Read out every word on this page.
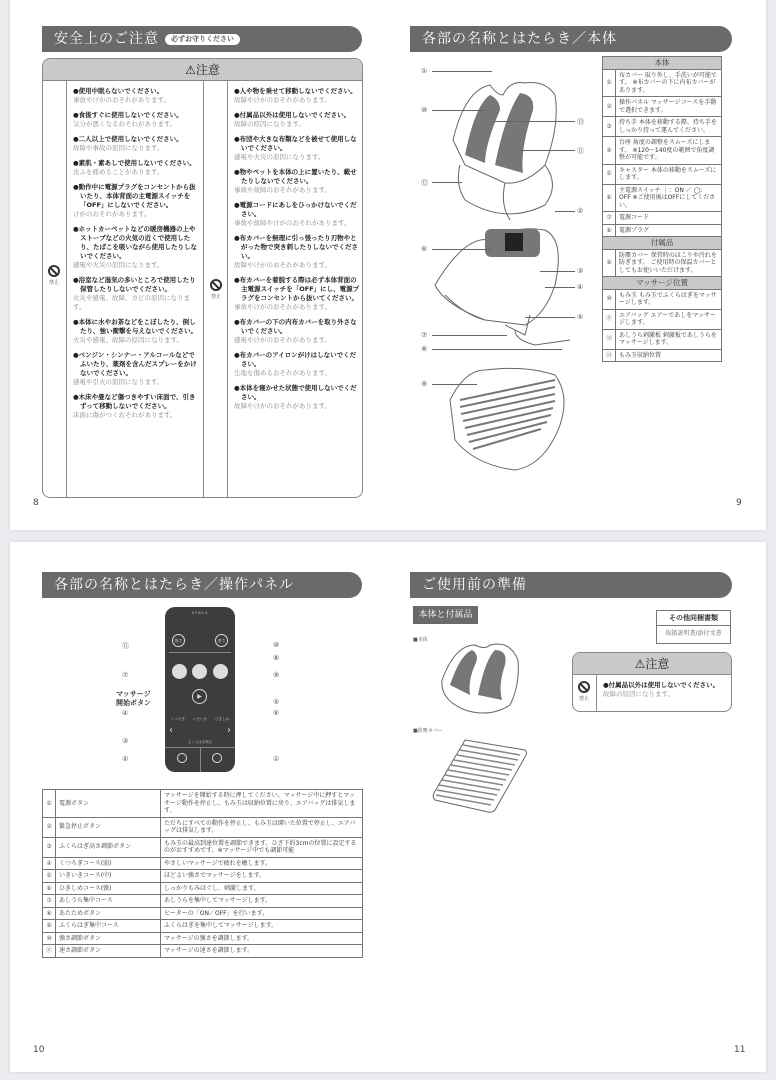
安全上のご注意 必ずお守りください
⚠注意
禁止
禁止
●使用中眠らないでください。
事故やけがのおそれがあります。
●食後すぐに使用しないでください。
気分が悪くなるおそれがあります。
●二人以上で使用しないでください。
故障や事故の原因になります。
●素肌・素あしで使用しないでください。
皮ふを痛めることがあります。
●動作中に電源プラグをコンセントから抜いたり、本体背面の主電源スイッチを「OFF」にしないでください。
けがのおそれがあります。
●ホットカーペットなどの暖房機器の上やストーブなどの火気の近くで使用したり、たばこを吸いながら使用したりしないでください。
感電や火災の原因になります。
●浴室など湿気の多いところで使用したり保管したりしないでください。
火災や感電、故障、カビの原因になります。
●本体に水やお茶などをこぼしたり、倒したり、強い衝撃を与えないでください。
火災や感電、故障の原因になります。
●ベンジン・シンナー・アルコールなどでふいたり、薬剤を含んだスプレーをかけないでください。
感電や引火の原因になります。
●木床や畳など傷つきやすい床面で、引きずって移動しないでください。
床面に傷がつくおそれがあります。
●人や物を乗せて移動しないでください。
故障やけがのおそれがあります。
●付属品以外は使用しないでください。
故障の原因になります。
●布団や大きな布類などを被せて使用しないでください。
感電や火災の原因になります。
●物やペットを本体の上に置いたり、載せたりしないでください。
事故や故障のおそれがあります。
●電源コードにあしをひっかけないでください。
事故や故障やけがのおそれがあります。
●布カバーを無理に引っ張ったり刃物やとがった物で突き刺したりしないでください。
故障やけがのおそれがあります。
●布カバーを着脱する際は必ず本体背面の主電源スイッチを「OFF」にし、電源プラグをコンセントから抜いてください。
事故やけがのおそれがあります。
●布カバーの下の内布カバーを取り外さないでください。
感電やけがのおそれがあります。
●布カバーのアイロンがけはしないでください。
生地を傷めるおそれがあります。
●本体を寝かせた状態で使用しないでください。
故障やけがのおそれがあります。
8
各部の名称とはたらき／本体
①
⑩
⑬
⑪
⑫
②
⑥
③
④
⑤
⑦
⑧
⑨
本体	
①	布カバー 取り外し、手洗いが可能です。 ※布カバーの下に内布カバーがあります。
②	操作パネル マッサージコースを手動で選択できます。
③	持ち手 本体を移動する際、持ち手をしっかり持って運んでください。
④	台座 角度の調整をスムーズにします。 ※120〜140度の範囲で角度調整が可能です。
⑤	キャスター 本体の移動をスムーズにします。
⑥	主電源スイッチ ｜：ON ／ ◯：OFF ※ご使用後はOFFにしてください。
⑦	電源コード
⑧	電源プラグ
付属品	
⑨	防塵カバー 保管時のほこりや汚れを防ぎます。 ご使用時の保温カバーとしてもお使いいただけます。
マッサージ位置	
⑩	もみ玉 もみ玉でふくらはぎをマッサージします。
⑪	エアバッグ エアーであしをマッサージします。
⑫	あしうら刺激板 刺激板であしうらをマッサージします。
⑬	もみ玉収納位置
9
各部の名称とはたらき／操作パネル
SYNCA
強さ	速さ
▶
くつろぎ いきいき ひきしめ
‹	›
ふくらはぎ高さ
マッサージ開始ボタン
①	電源ボタン	マッサージを開始する時に押してください。マッサージ中に押すとマッサージ動作を停止し、もみ玉は収納位置に戻り、エアバッグは排気します。
②	緊急停止ボタン	ただちにすべての動作を停止し、もみ玉は開いた位置で停止し、エアバッグは排気します。
③	ふくらはぎ高さ調節ボタン	もみ玉の最高到達位置を調節できます。ひざ下約3cmの位置に設定するのがおすすめです。※マッサージ中でも調節可能
④	くつろぎコース(弱)	やさしいマッサージで疲れを癒します。
⑤	いきいきコース(中)	ほどよい強さでマッサージをします。
⑥	ひきしめコース(強)	しっかりもみほぐし、刺激します。
⑦	あしうら集中コース	あしうらを集中してマッサージします。
⑧	あたためボタン	ヒーターの「ON／OFF」を行います。
⑨	ふくらはぎ集中コース	ふくらはぎを集中してマッサージします。
⑩	強さ調節ボタン	マッサージの強さを調節します。
⑪	速さ調節ボタン	マッサージの速さを調節します。
10
ご使用前の準備
本体と付属品
■本体
■防塵カバー
その他同梱書類
取扱説明書/添付文書
⚠注意
禁止
●付属品以外は使用しないでください。
故障の原因になります。
11
⑪	⑩
⑧
⑦	⑨
⑤
④	⑥
③
②	①
